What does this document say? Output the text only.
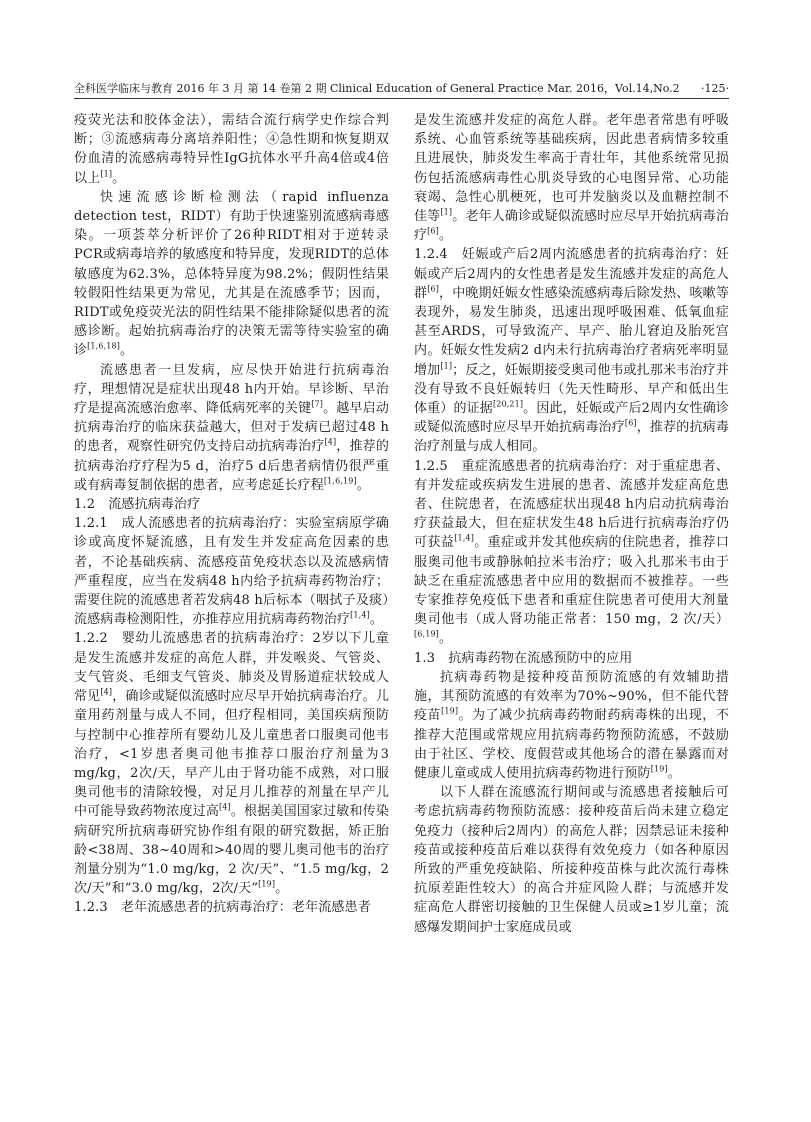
全科医学临床与教育 2016 年 3 月 第 14 卷第 2 期 Clinical Education of General Practice Mar. 2016，Vol.14,No.2 ·125·

疫荧光法和胶体金法），需结合流行病学史作综合判断；③流感病毒分离培养阳性；④急性期和恢复期双份血清的流感病毒特异性IgG抗体水平升高4倍或4倍以上[1]。

快速流感诊断检测法（rapid influenza detection test，RIDT）有助于快速鉴别流感病毒感染。一项荟萃分析评价了26种RIDT相对于逆转录PCR或病毒培养的敏感度和特异度，发现RIDT的总体敏感度为62.3%，总体特异度为98.2%；假阴性结果较假阳性结果更为常见，尤其是在流感季节；因而，RIDT或免疫荧光法的阴性结果不能排除疑似患者的流感诊断。起始抗病毒治疗的决策无需等待实验室的确诊[1,6,18]。

流感患者一旦发病，应尽快开始进行抗病毒治疗，理想情况是症状出现48 h内开始。早诊断、早治疗是提高流感治愈率、降低病死率的关键[7]。越早启动抗病毒治疗的临床获益越大，但对于发病已超过48 h的患者，观察性研究仍支持启动抗病毒治疗[4]，推荐的抗病毒治疗疗程为5 d，治疗5 d后患者病情仍很严重或有病毒复制依据的患者，应考虑延长疗程[1,6,19]。

1.2　流感抗病毒治疗

1.2.1　成人流感患者的抗病毒治疗：实验室病原学确诊或高度怀疑流感，且有发生并发症高危因素的患者，不论基础疾病、流感疫苗免疫状态以及流感病情严重程度，应当在发病48 h内给予抗病毒药物治疗；需要住院的流感患者若发病48 h后标本（咽拭子及痰）流感病毒检测阳性，亦推荐应用抗病毒药物治疗[1,4]。

1.2.2　婴幼儿流感患者的抗病毒治疗：2岁以下儿童是发生流感并发症的高危人群，并发喉炎、气管炎、支气管炎、毛细支气管炎、肺炎及胃肠道症状较成人常见[4]，确诊或疑似流感时应尽早开始抗病毒治疗。儿童用药剂量与成人不同，但疗程相同，美国疾病预防与控制中心推荐所有婴幼儿及儿童患者口服奥司他韦治疗，<1岁患者奥司他韦推荐口服治疗剂量为3 mg/kg，2次/天，早产儿由于肾功能不成熟，对口服奥司他韦的清除较慢，对足月儿推荐的剂量在早产儿中可能导致药物浓度过高[4]。根据美国国家过敏和传染病研究所抗病毒研究协作组有限的研究数据，矫正胎龄<38周、38~40周和>40周的婴儿奥司他韦的治疗剂量分别为“1.0 mg/kg，2 次/天”、“1.5 mg/kg，2 次/天”和“3.0 mg/kg，2次/天”[19]。

1.2.3　老年流感患者的抗病毒治疗：老年流感患者

是发生流感并发症的高危人群。老年患者常患有呼吸系统、心血管系统等基础疾病，因此患者病情多较重且进展快，肺炎发生率高于青壮年，其他系统常见损伤包括流感病毒性心肌炎导致的心电图异常、心功能衰竭、急性心肌梗死，也可并发脑炎以及血糖控制不佳等[1]。老年人确诊或疑似流感时应尽早开始抗病毒治疗[6]。

1.2.4　妊娠或产后2周内流感患者的抗病毒治疗：妊娠或产后2周内的女性患者是发生流感并发症的高危人群[6]，中晚期妊娠女性感染流感病毒后除发热、咳嗽等表现外，易发生肺炎，迅速出现呼吸困难、低氧血症甚至ARDS，可导致流产、早产、胎儿窘迫及胎死宫内。妊娠女性发病2 d内未行抗病毒治疗者病死率明显增加[1]；反之，妊娠期接受奥司他韦或扎那米韦治疗并没有导致不良妊娠转归（先天性畸形、早产和低出生体重）的证据[20,21]。因此，妊娠或产后2周内女性确诊或疑似流感时应尽早开始抗病毒治疗[6]，推荐的抗病毒治疗剂量与成人相同。

1.2.5　重症流感患者的抗病毒治疗：对于重症患者、有并发症或疾病发生进展的患者、流感并发症高危患者、住院患者，在流感症状出现48 h内启动抗病毒治疗获益最大，但在症状发生48 h后进行抗病毒治疗仍可获益[1,4]。重症或并发其他疾病的住院患者，推荐口服奥司他韦或静脉帕拉米韦治疗；吸入扎那米韦由于缺乏在重症流感患者中应用的数据而不被推荐。一些专家推荐免疫低下患者和重症住院患者可使用大剂量奥司他韦（成人肾功能正常者：150 mg，2 次/天）[6,19]。

1.3　抗病毒药物在流感预防中的应用

抗病毒药物是接种疫苗预防流感的有效辅助措施，其预防流感的有效率为70%~90%，但不能代替疫苗[19]。为了减少抗病毒药物耐药病毒株的出现，不推荐大范围或常规应用抗病毒药物预防流感，不鼓励由于社区、学校、度假营或其他场合的潜在暴露而对健康儿童或成人使用抗病毒药物进行预防[19]。

以下人群在流感流行期间或与流感患者接触后可考虑抗病毒药物预防流感：接种疫苗后尚未建立稳定免疫力（接种后2周内）的高危人群；因禁忌证未接种疫苗或接种疫苗后难以获得有效免疫力（如各种原因所致的严重免疫缺陷、所接种疫苗株与此次流行毒株抗原差距性较大）的高合并症风险人群；与流感并发症高危人群密切接触的卫生保健人员或≥1岁儿童；流感爆发期间护士家庭成员或
